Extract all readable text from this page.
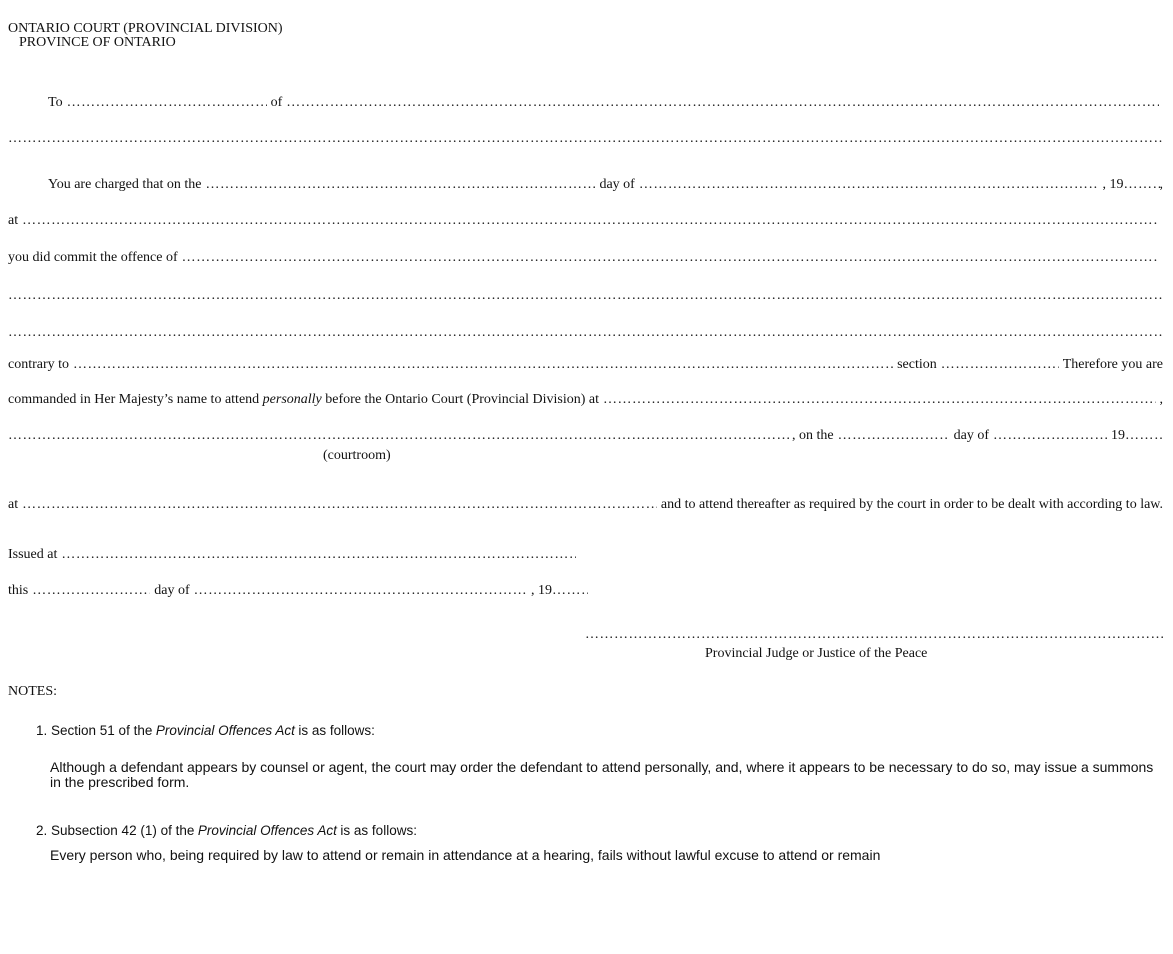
ONTARIO COURT (PROVINCIAL DIVISION)
PROVINCE OF ONTARIO
To …………………………………………………………………………………………………………………………………………………………………………………………………………………………………………………………………………………………………………………………………………	of
…………………………………………………………………………………………………………………………………………………………………………………………………………………………………………………………………………………………………………………………………………
…………………………………………………………………………………………………………………………………………………………………………………………………………………………………………………………………………………………………………………………………………
You are charged that on the …………………………………………………………………………………………………………………………………………………………………………………………………………………………………………………………………………………………………………………………………………	day of …………………………………………………………………………………………………………………………………………………………………………………………………………………………………………………………………………………………………………………………………………	, 19 …………………………………………………………………………………………………………………………………………………………………………………………………………………………………………………………………………………………………………………………………………	,
at
…………………………………………………………………………………………………………………………………………………………………………………………………………………………………………………………………………………………………………………………………………
you did commit the offence of
…………………………………………………………………………………………………………………………………………………………………………………………………………………………………………………………………………………………………………………………………………
…………………………………………………………………………………………………………………………………………………………………………………………………………………………………………………………………………………………………………………………………………
…………………………………………………………………………………………………………………………………………………………………………………………………………………………………………………………………………………………………………………………………………
contrary to …………………………………………………………………………………………………………………………………………………………………………………………………………………………………………………………………………………………………………………………………………	section …………………………………………………………………………………………………………………………………………………………………………………………………………………………………………………………………………………………………………………………………………	Therefore you are
commanded in Her Majesty’s name to attend personally before the Ontario Court (Provincial Division) at …………………………………………………………………………………………………………………………………………………………………………………………………………………………………………………………………………………………………………………………………………	,
…………………………………………………………………………………………………………………………………………………………………………………………………………………………………………………………………………………………………………………………………………
, on the …………………………………………………………………………………………………………………………………………………………………………………………………………………………………………………………………………………………………………………………………………	day of …………………………………………………………………………………………………………………………………………………………………………………………………………………………………………………………………………………………………………………………………………	19
…………………………………………………………………………………………………………………………………………………………………………………………………………………………………………………………………………………………………………………………………………
(courtroom)
at …………………………………………………………………………………………………………………………………………………………………………………………………………………………………………………………………………………………………………………………………………	and to attend thereafter as required by the court in order to be dealt with according to law.
Issued at
…………………………………………………………………………………………………………………………………………………………………………………………………………………………………………………………………………………………………………………………………………
this …………………………………………………………………………………………………………………………………………………………………………………………………………………………………………………………………………………………………………………………………………	day of …………………………………………………………………………………………………………………………………………………………………………………………………………………………………………………………………………………………………………………………………………	, 19
…………………………………………………………………………………………………………………………………………………………………………………………………………………………………………………………………………………………………………………………………………
…………………………………………………………………………………………………………………………………………………………………………………………………………………………………………………………………………………………………………………………………………
Provincial Judge or Justice of the Peace
NOTES:
1. Section 51 of the Provincial Offences Act is as follows:
Although a defendant appears by counsel or agent, the court may order the defendant to attend personally, and, where it appears to be necessary to do so, may issue a summons in the prescribed form.
2. Subsection 42 (1) of the Provincial Offences Act is as follows:
Every person who, being required by law to attend or remain in attendance at a hearing, fails without lawful excuse to attend or remain
